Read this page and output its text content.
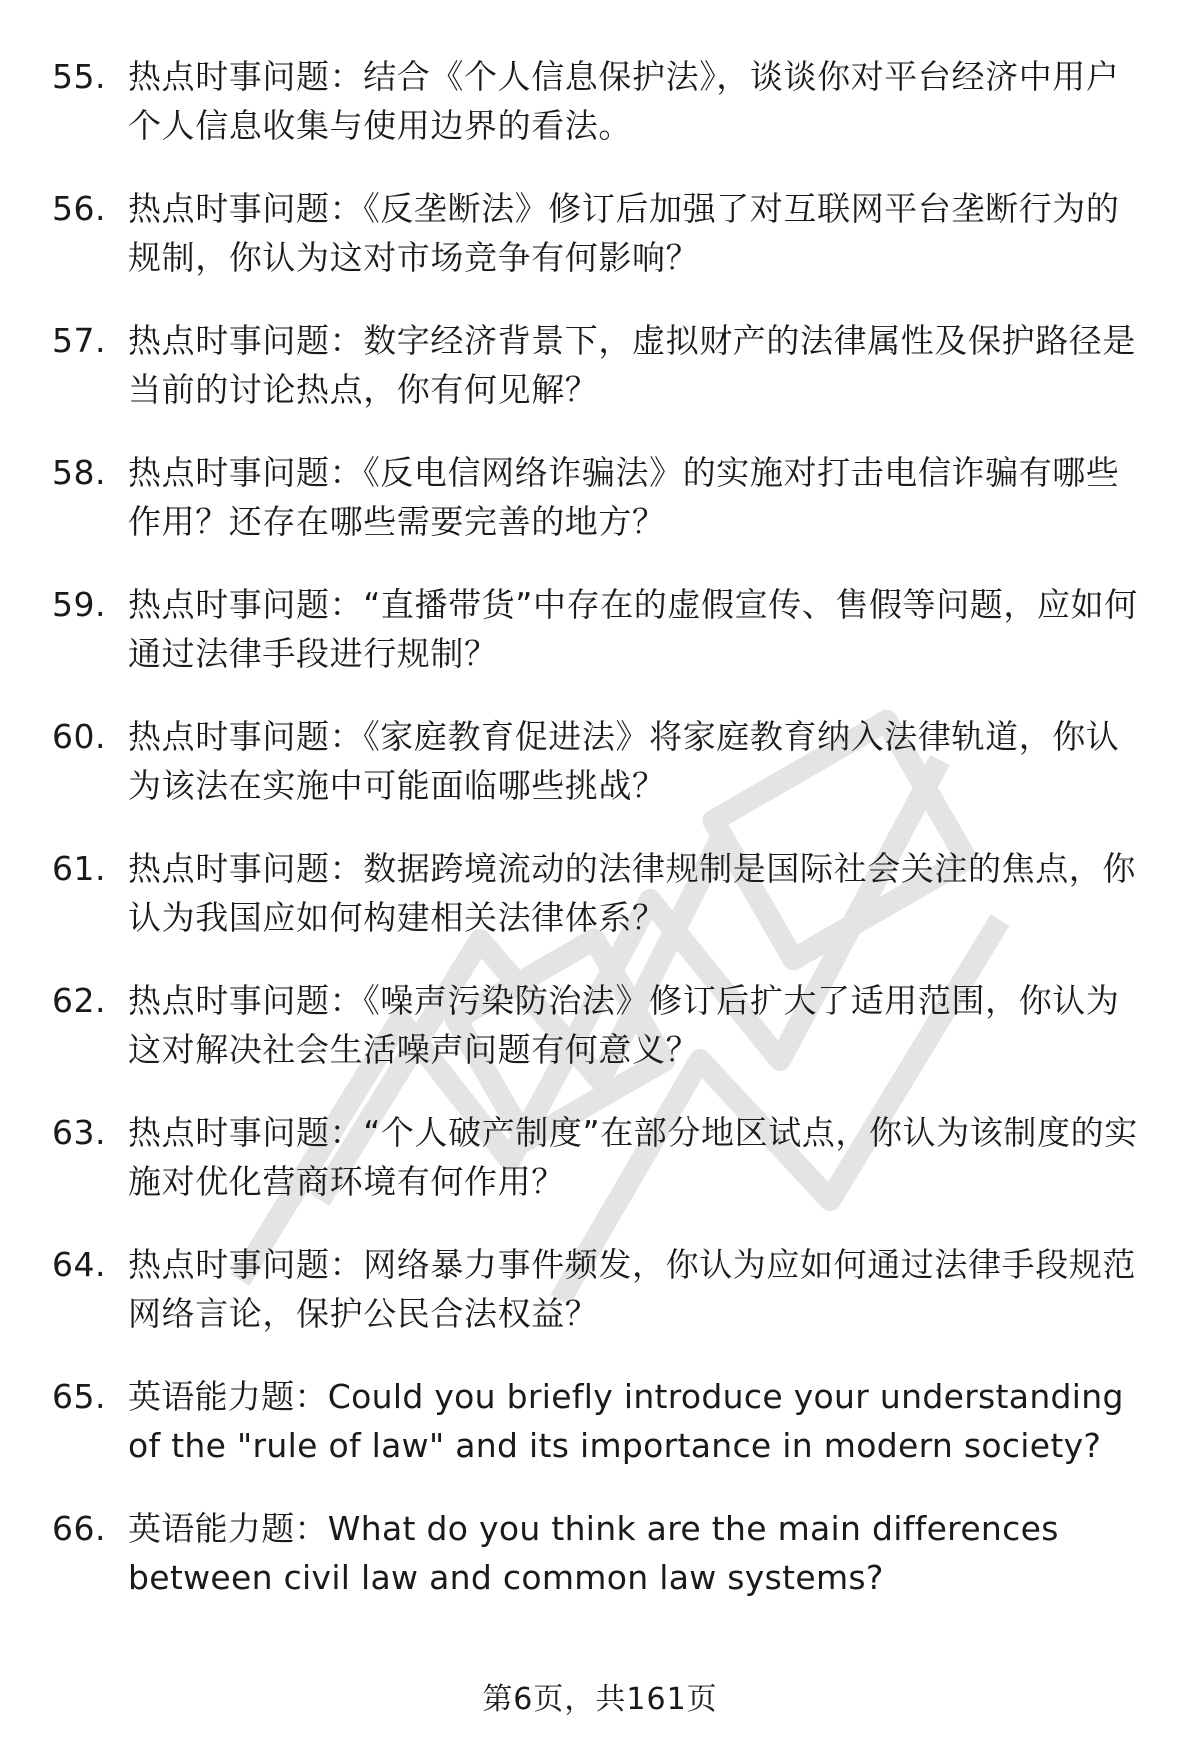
55. 热点时事问题：结合《个人信息保护法》，谈谈你对平台经济中用户个人信息收集与使用边界的看法。
56. 热点时事问题：《反垄断法》修订后加强了对互联网平台垄断行为的规制，你认为这对市场竞争有何影响？
57. 热点时事问题：数字经济背景下，虚拟财产的法律属性及保护路径是当前的讨论热点，你有何见解？
58. 热点时事问题：《反电信网络诈骗法》的实施对打击电信诈骗有哪些作用？还存在哪些需要完善的地方？
59. 热点时事问题：“直播带货”中存在的虚假宣传、售假等问题，应如何通过法律手段进行规制？
60. 热点时事问题：《家庭教育促进法》将家庭教育纳入法律轨道，你认为该法在实施中可能面临哪些挑战？
61. 热点时事问题：数据跨境流动的法律规制是国际社会关注的焦点，你认为我国应如何构建相关法律体系？
62. 热点时事问题：《噪声污染防治法》修订后扩大了适用范围，你认为这对解决社会生活噪声问题有何意义？
63. 热点时事问题：“个人破产制度”在部分地区试点，你认为该制度的实施对优化营商环境有何作用？
64. 热点时事问题：网络暴力事件频发，你认为应如何通过法律手段规范网络言论，保护公民合法权益？
65. 英语能力题：Could you briefly introduce your understanding of the "rule of law" and its importance in modern society?
66. 英语能力题：What do you think are the main differences between civil law and common law systems?
第6页，共161页
